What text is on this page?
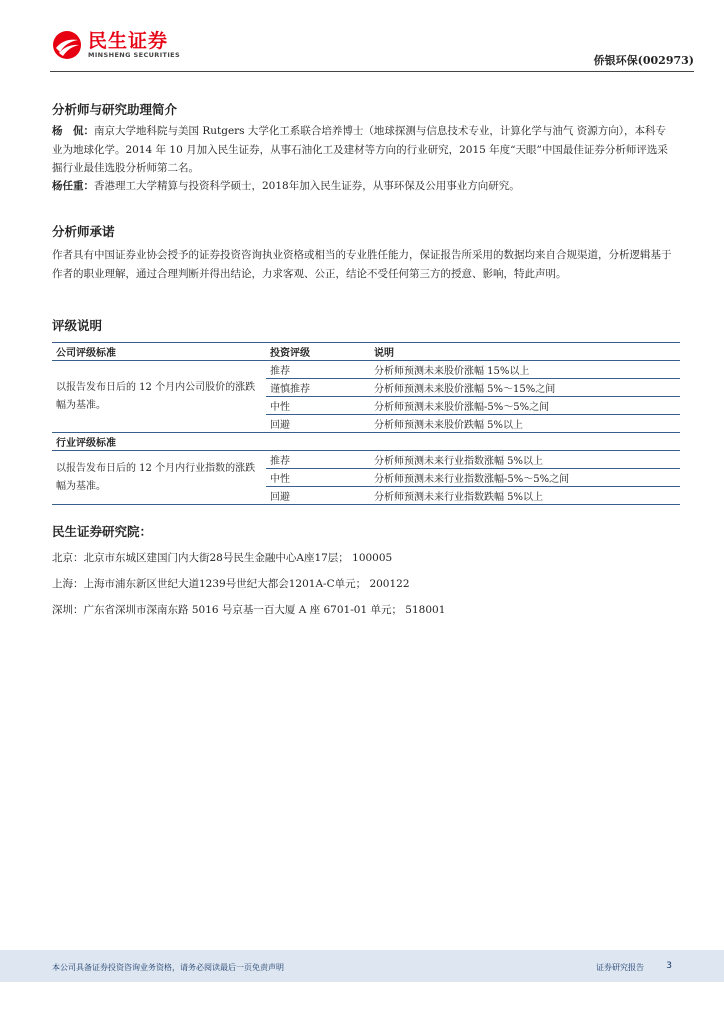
民生证券
MINSHENG SECURITIES	侨银环保(002973)
分析师与研究助理简介
杨　侃：南京大学地科院与美国 Rutgers 大学化工系联合培养博士（地球探测与信息技术专业，计算化学与油气 资源方向），本科专业为地球化学。2014 年 10 月加入民生证券，从事石油化工及建材等方向的行业研究，2015 年度“天眼”中国最佳证券分析师评选采掘行业最佳选股分析师第二名。
杨任重：香港理工大学精算与投资科学硕士，2018年加入民生证券，从事环保及公用事业方向研究。
分析师承诺
作者具有中国证券业协会授予的证券投资咨询执业资格或相当的专业胜任能力，保证报告所采用的数据均来自合规渠道，分析逻辑基于作者的职业理解，通过合理判断并得出结论，力求客观、公正，结论不受任何第三方的授意、影响，特此声明。
评级说明
公司评级标准	投资评级	说明
以报告发布日后的 12 个月内公司股价的涨跌幅为基准。	推荐	分析师预测未来股价涨幅 15%以上
	谨慎推荐	分析师预测未来股价涨幅 5%～15%之间
	中性	分析师预测未来股价涨幅-5%～5%之间
	回避	分析师预测未来股价跌幅 5%以上
行业评级标准		
以报告发布日后的 12 个月内行业指数的涨跌幅为基准。	推荐	分析师预测未来行业指数涨幅 5%以上
	中性	分析师预测未来行业指数涨幅-5%～5%之间
	回避	分析师预测未来行业指数跌幅 5%以上
民生证券研究院：
北京：北京市东城区建国门内大街28号民生金融中心A座17层； 100005
上海：上海市浦东新区世纪大道1239号世纪大都会1201A-C单元； 200122
深圳：广东省深圳市深南东路 5016 号京基一百大厦 A 座 6701-01 单元； 518001
本公司具备证券投资咨询业务资格，请务必阅读最后一页免责声明	证券研究报告 3
